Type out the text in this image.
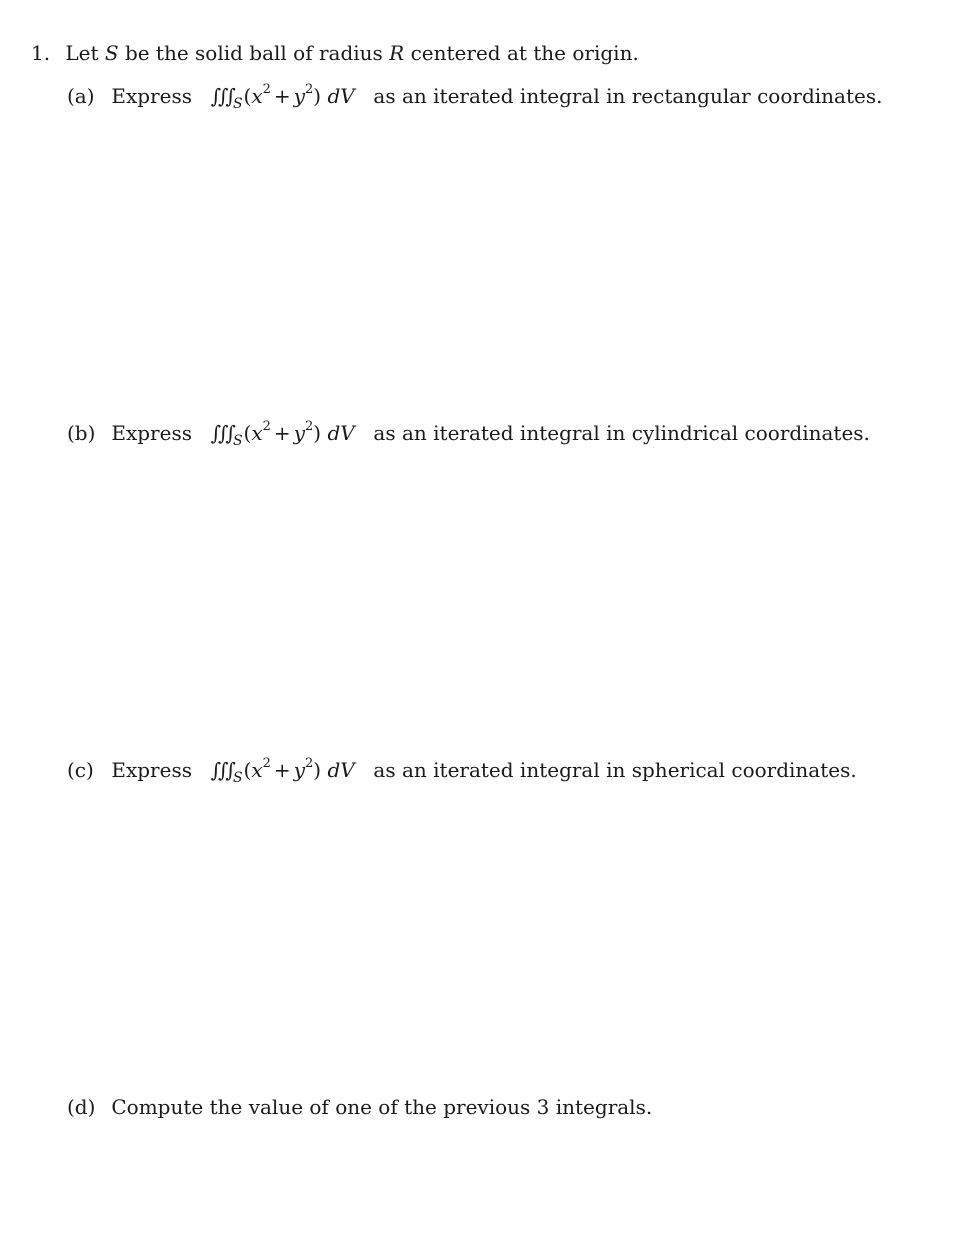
1. Let S be the solid ball of radius R centered at the origin.
(a) Express $\int\int\int_S(x^2 + y^2)$ dV as an iterated integral in rectangular coordinates.
(b) Express $\int\int\int_S(x^2 + y^2)$ dV as an iterated integral in cylindrical coordinates.
(c) Express $\int\int\int_S(x^2 + y^2)$ dV as an iterated integral in spherical coordinates.
(d) Compute the value of one of the previous 3 integrals.
